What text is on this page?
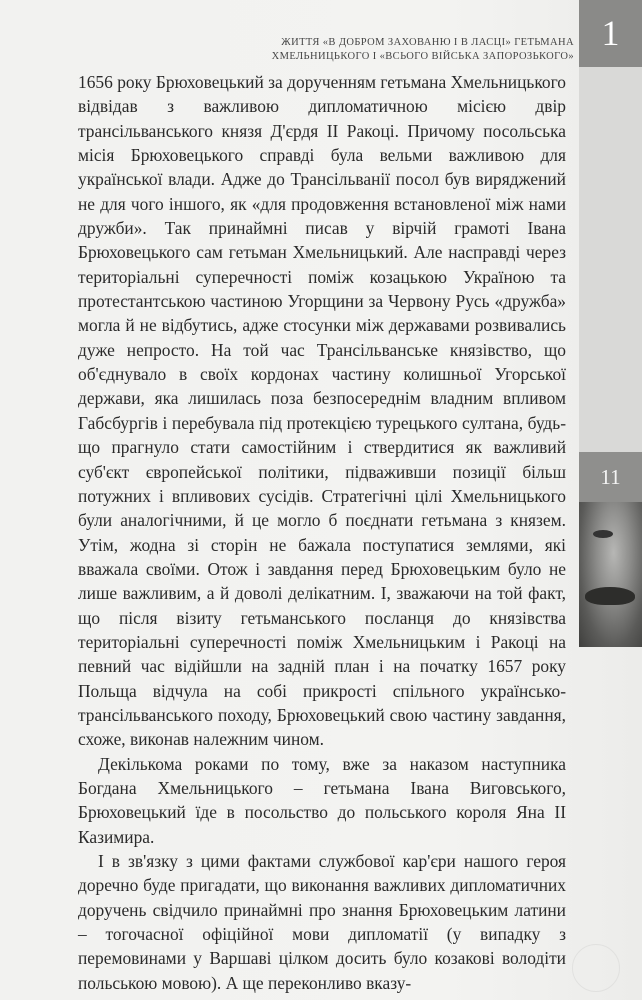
ЖИТТЯ «В ДОБРОМ ЗАХОВАНЮ І В ЛАСЦІ» ГЕТЬМАНА
ХМЕЛЬНИЦЬКОГО І «ВСЬОГО ВІЙСЬКА ЗАПОРОЗЬКОГО»
1
11

1656 року Брюховецький за дорученням гетьмана Хмельницького відвідав з важливою дипломатичною місією двір трансільванського князя Д'єрдя II Ракоці. Причому посольська місія Брюховецького справді була вельми важливою для української влади. Адже до Трансільванії посол був виряджений не для чого іншого, як «для продовження встановленої між нами дружби». Так принаймні писав у вірчій грамоті Івана Брюховецького сам гетьман Хмельницький. Але насправді через територіальні суперечності поміж козацькою Україною та протестантською частиною Угорщини за Червону Русь «дружба» могла й не відбутись, адже стосунки між державами розвивались дуже непросто. На той час Трансільванське князівство, що об'єднувало в своїх кордонах частину колишньої Угорської держави, яка лишилась поза безпосереднім владним впливом Габсбургів і перебувала під протекцією турецького султана, будь-що прагнуло стати самостійним і ствердитися як важливий суб'єкт європейської політики, підваживши позиції більш потужних і впливових сусідів. Стратегічні цілі Хмельницького були аналогічними, й це могло б поєднати гетьмана з князем. Утім, жодна зі сторін не бажала поступатися землями, які вважала своїми. Отож і завдання перед Брюховецьким було не лише важливим, а й доволі делікатним. І, зважаючи на той факт, що після візиту гетьманського посланця до князівства територіальні суперечності поміж Хмельницьким і Ракоці на певний час відійшли на задній план і на початку 1657 року Польща відчула на собі прикрості спільного українсько-трансільванського походу, Брюховецький свою частину завдання, схоже, виконав належним чином.

Декількома роками по тому, вже за наказом наступника Богдана Хмельницького – гетьмана Івана Виговського, Брюховецький їде в посольство до польського короля Яна II Казимира.

І в зв'язку з цими фактами службової кар'єри нашого героя доречно буде пригадати, що виконання важливих дипломатичних доручень свідчило принаймні про знання Брюховецьким латини – тогочасної офіційної мови дипломатії (у випадку з перемовинами у Варшаві цілком досить було козакові володіти польською мовою). А ще переконливо вказу-
